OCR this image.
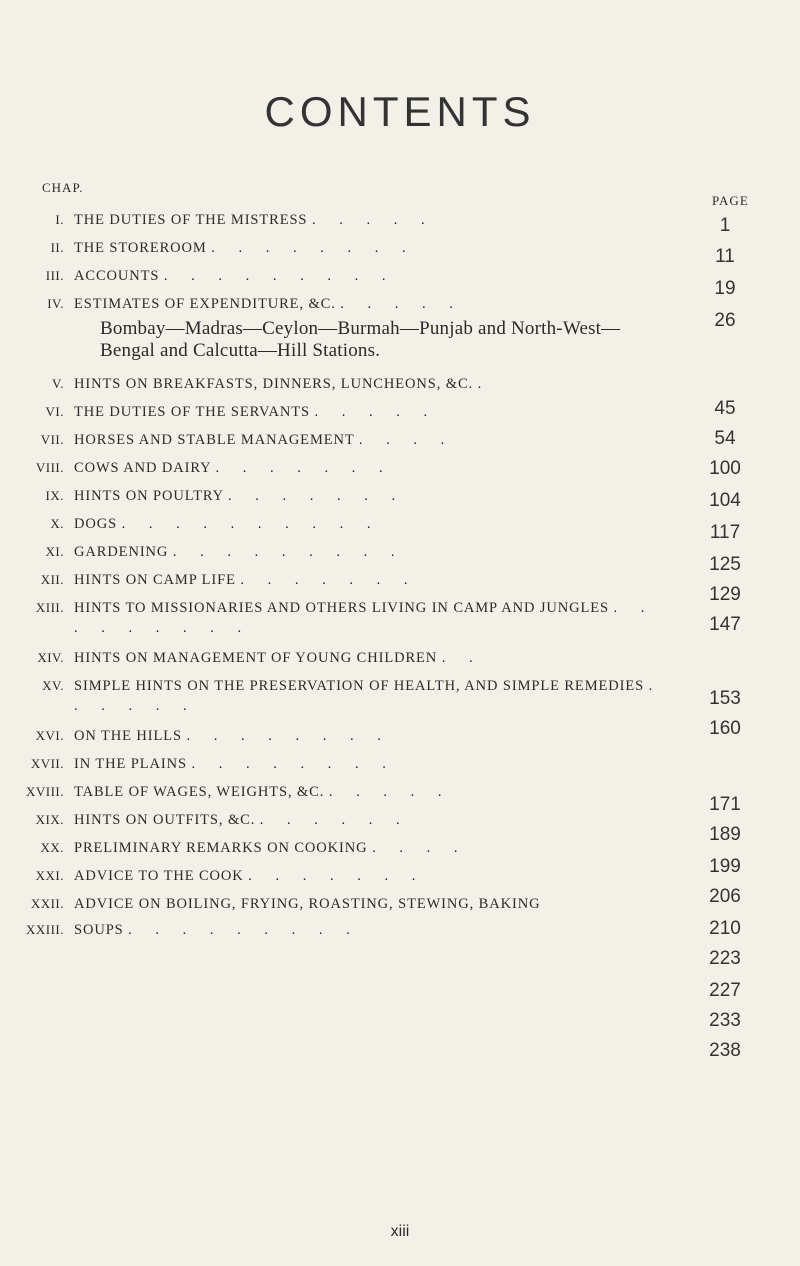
CONTENTS
CHAP.
PAGE
I. THE DUTIES OF THE MISTRESS . . . . .	1
II. THE STOREROOM . . . . . . . .	11
III. ACCOUNTS . . . . . . . . .
19
IV. ESTIMATES OF EXPENDITURE, &C. . . . . .
Bombay—Madras—Ceylon—Burmah—Punjab and North-West—Bengal and Calcutta—Hill Stations.
26
V. HINTS ON BREAKFASTS, DINNERS, LUNCHEONS, &C. .
45
VI. THE DUTIES OF THE SERVANTS . . . . .
54
VII. HORSES AND STABLE MANAGEMENT . . . .
100
VIII. COWS AND DAIRY . . . . . . .
104
IX. HINTS ON POULTRY . . . . . . .
117
X. DOGS . . . . . . . . . .
125
XI. GARDENING . . . . . . . . .
129
XII. HINTS ON CAMP LIFE . . . . . . .
147
XIII. HINTS TO MISSIONARIES AND OTHERS LIVING IN CAMP AND JUNGLES . . . . . . . . .
153
XIV. HINTS ON MANAGEMENT OF YOUNG CHILDREN . .
160
XV. SIMPLE HINTS ON THE PRESERVATION OF HEALTH, AND SIMPLE REMEDIES . . . . . .
171
XVI. ON THE HILLS . . . . . . . .
189
XVII. IN THE PLAINS . . . . . . . .
199
XVIII. TABLE OF WAGES, WEIGHTS, &C. . . . . .
206
XIX. HINTS ON OUTFITS, &C. . . . . . .
210
XX. PRELIMINARY REMARKS ON COOKING . . . .
223
XXI. ADVICE TO THE COOK . . . . . . .
227
XXII. ADVICE ON BOILING, FRYING, ROASTING, STEWING, BAKING
233
XXIII. SOUPS . . . . . . . . .
238
xiii
